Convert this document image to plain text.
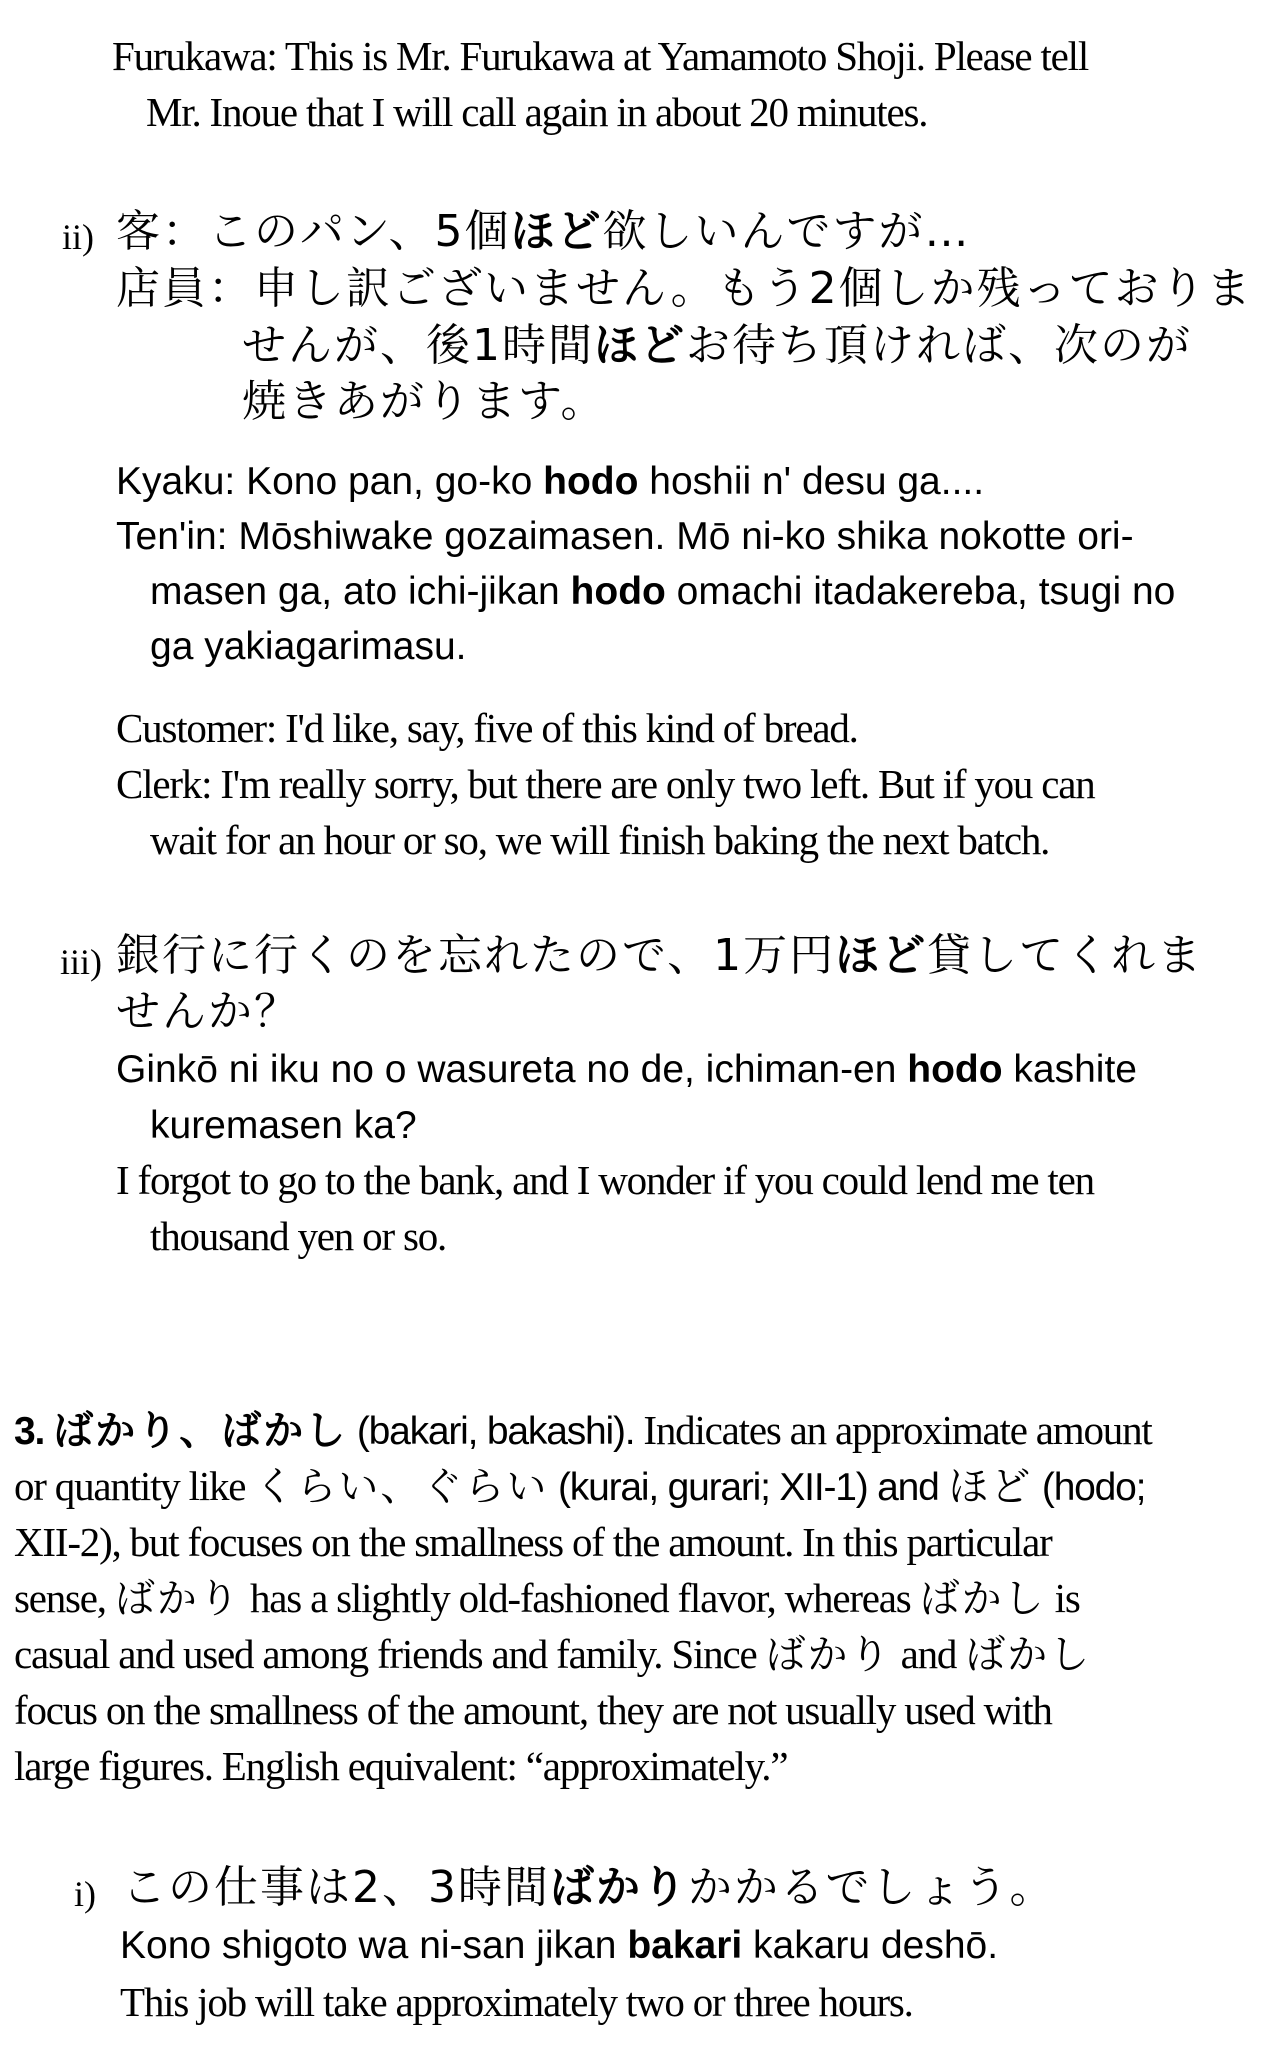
Furukawa: This is Mr. Furukawa at Yamamoto Shoji. Please tell
Mr. Inoue that I will call again in about 20 minutes.
ii) 客：このパン、5個ほど欲しいんですが…
店員：申し訳ございません。もう2個しか残っておりま
せんが、後1時間ほどお待ち頂ければ、次のが
焼きあがります。
Kyaku: Kono pan, go-ko hodo hoshii n' desu ga....
Ten'in: Mōshiwake gozaimasen. Mō ni-ko shika nokotte ori-
masen ga, ato ichi-jikan hodo omachi itadakereba, tsugi no
ga yakiagarimasu.
Customer: I'd like, say, five of this kind of bread.
Clerk: I'm really sorry, but there are only two left. But if you can
wait for an hour or so, we will finish baking the next batch.
iii) 銀行に行くのを忘れたので、1万円ほど貸してくれま
せんか？
Ginkō ni iku no o wasureta no de, ichiman-en hodo kashite
kuremasen ka?
I forgot to go to the bank, and I wonder if you could lend me ten
thousand yen or so.
3. ばかり、ばかし (bakari, bakashi). Indicates an approximate amount
or quantity like くらい、ぐらい (kurai, gurari; XII-1) and ほど (hodo;
XII-2), but focuses on the smallness of the amount. In this particular
sense, ばかり has a slightly old-fashioned flavor, whereas ばかし is
casual and used among friends and family. Since ばかり and ばかし
focus on the smallness of the amount, they are not usually used with
large figures. English equivalent: “approximately.”
i) この仕事は2、3時間ばかりかかるでしょう。
Kono shigoto wa ni-san jikan bakari kakaru deshō.
This job will take approximately two or three hours.
